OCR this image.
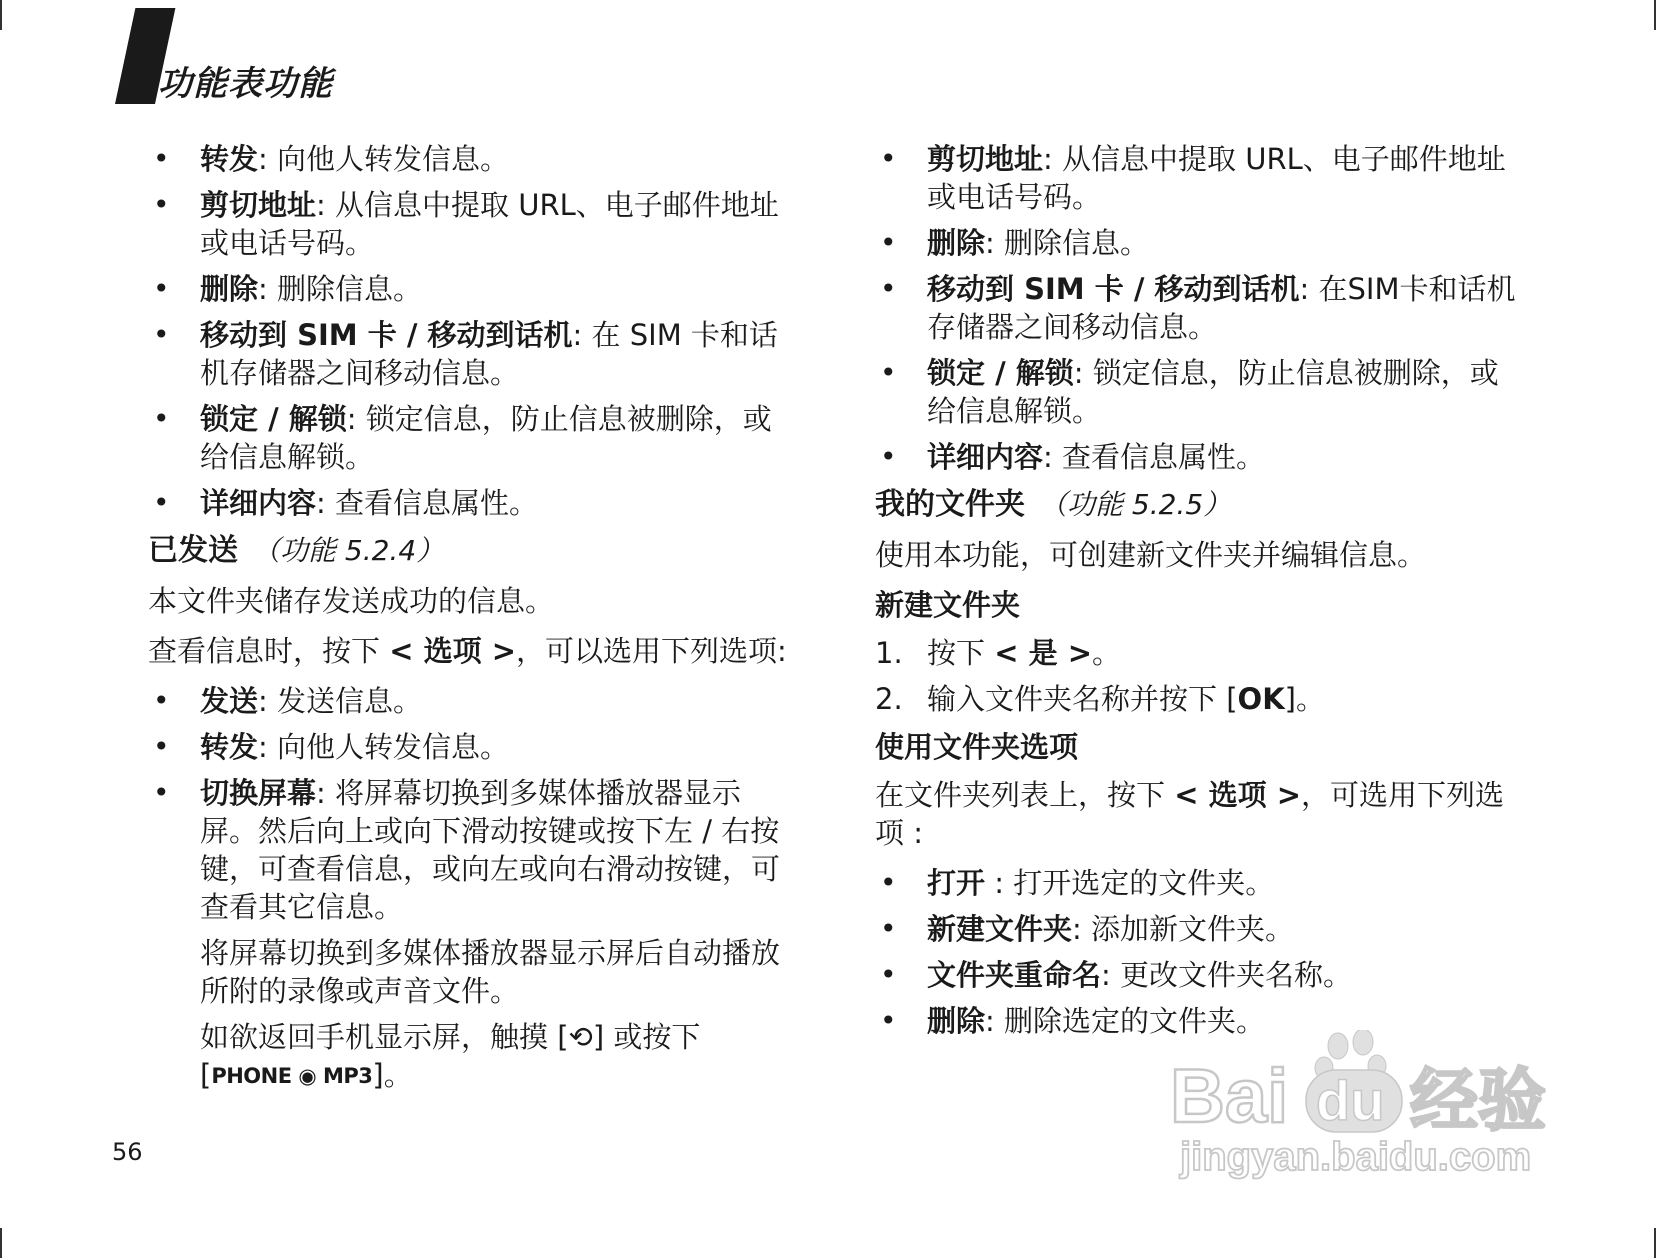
功能表功能
• 转发: 向他人转发信息。
• 剪切地址: 从信息中提取 URL、电子邮件地址或电话号码。
• 删除: 删除信息。
• 移动到 SIM 卡 / 移动到话机: 在 SIM 卡和话机存储器之间移动信息。
• 锁定 / 解锁: 锁定信息，防止信息被删除，或给信息解锁。
• 详细内容: 查看信息属性。
已发送 （功能 5.2.4）
本文件夹储存发送成功的信息。
查看信息时，按下 < 选项 >，可以选用下列选项:
• 发送: 发送信息。
• 转发: 向他人转发信息。
• 切换屏幕: 将屏幕切换到多媒体播放器显示屏。然后向上或向下滑动按键或按下左 / 右按键，可查看信息，或向左或向右滑动按键，可查看其它信息。
将屏幕切换到多媒体播放器显示屏后自动播放所附的录像或声音文件。
如欲返回手机显示屏，触摸 [⟲] 或按下
[PHONE ◉ MP3]。
• 剪切地址: 从信息中提取 URL、电子邮件地址或电话号码。
• 删除: 删除信息。
• 移动到 SIM 卡 / 移动到话机: 在SIM卡和话机存储器之间移动信息。
• 锁定 / 解锁: 锁定信息，防止信息被删除，或给信息解锁。
• 详细内容: 查看信息属性。
我的文件夹 （功能 5.2.5）
使用本功能，可创建新文件夹并编辑信息。
新建文件夹
1. 按下 < 是 >。
2. 输入文件夹名称并按下 [OK]。
使用文件夹选项
在文件夹列表上，按下 < 选项 >，可选用下列选项 :
• 打开 : 打开选定的文件夹。
• 新建文件夹: 添加新文件夹。
• 文件夹重命名: 更改文件夹名称。
• 删除: 删除选定的文件夹。
56
Bai du 经验
jingyan.baidu.com
